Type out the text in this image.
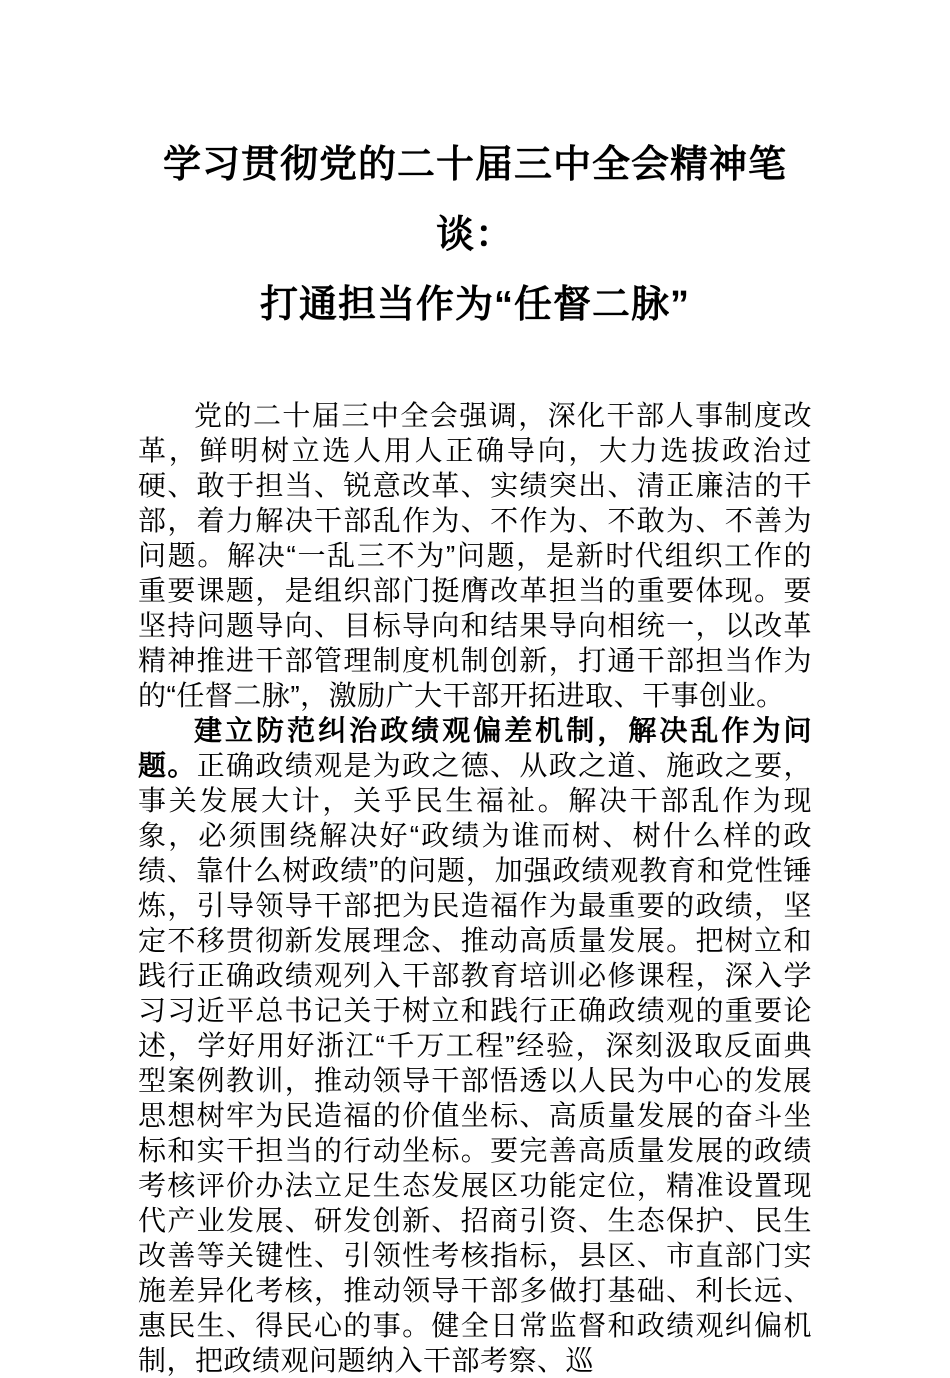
学习贯彻党的二十届三中全会精神笔谈：
打通担当作为“任督二脉”

党的二十届三中全会强调，深化干部人事制度改革，鲜明树立选人用人正确导向，大力选拔政治过硬、敢于担当、锐意改革、实绩突出、清正廉洁的干部，着力解决干部乱作为、不作为、不敢为、不善为问题。解决“一乱三不为”问题，是新时代组织工作的重要课题，是组织部门挺膺改革担当的重要体现。要坚持问题导向、目标导向和结果导向相统一，以改革精神推进干部管理制度机制创新，打通干部担当作为的“任督二脉”，激励广大干部开拓进取、干事创业。

建立防范纠治政绩观偏差机制，解决乱作为问题。正确政绩观是为政之德、从政之道、施政之要，事关发展大计，关乎民生福祉。解决干部乱作为现象，必须围绕解决好“政绩为谁而树、树什么样的政绩、靠什么树政绩”的问题，加强政绩观教育和党性锤炼，引导领导干部把为民造福作为最重要的政绩，坚定不移贯彻新发展理念、推动高质量发展。把树立和践行正确政绩观列入干部教育培训必修课程，深入学习习近平总书记关于树立和践行正确政绩观的重要论述，学好用好浙江“千万工程”经验，深刻汲取反面典型案例教训，推动领导干部悟透以人民为中心的发展思想树牢为民造福的价值坐标、高质量发展的奋斗坐标和实干担当的行动坐标。要完善高质量发展的政绩考核评价办法立足生态发展区功能定位，精准设置现代产业发展、研发创新、招商引资、生态保护、民生改善等关键性、引领性考核指标，县区、市直部门实施差异化考核，推动领导干部多做打基础、利长远、惠民生、得民心的事。健全日常监督和政绩观纠偏机制，把政绩观问题纳入干部考察、巡
